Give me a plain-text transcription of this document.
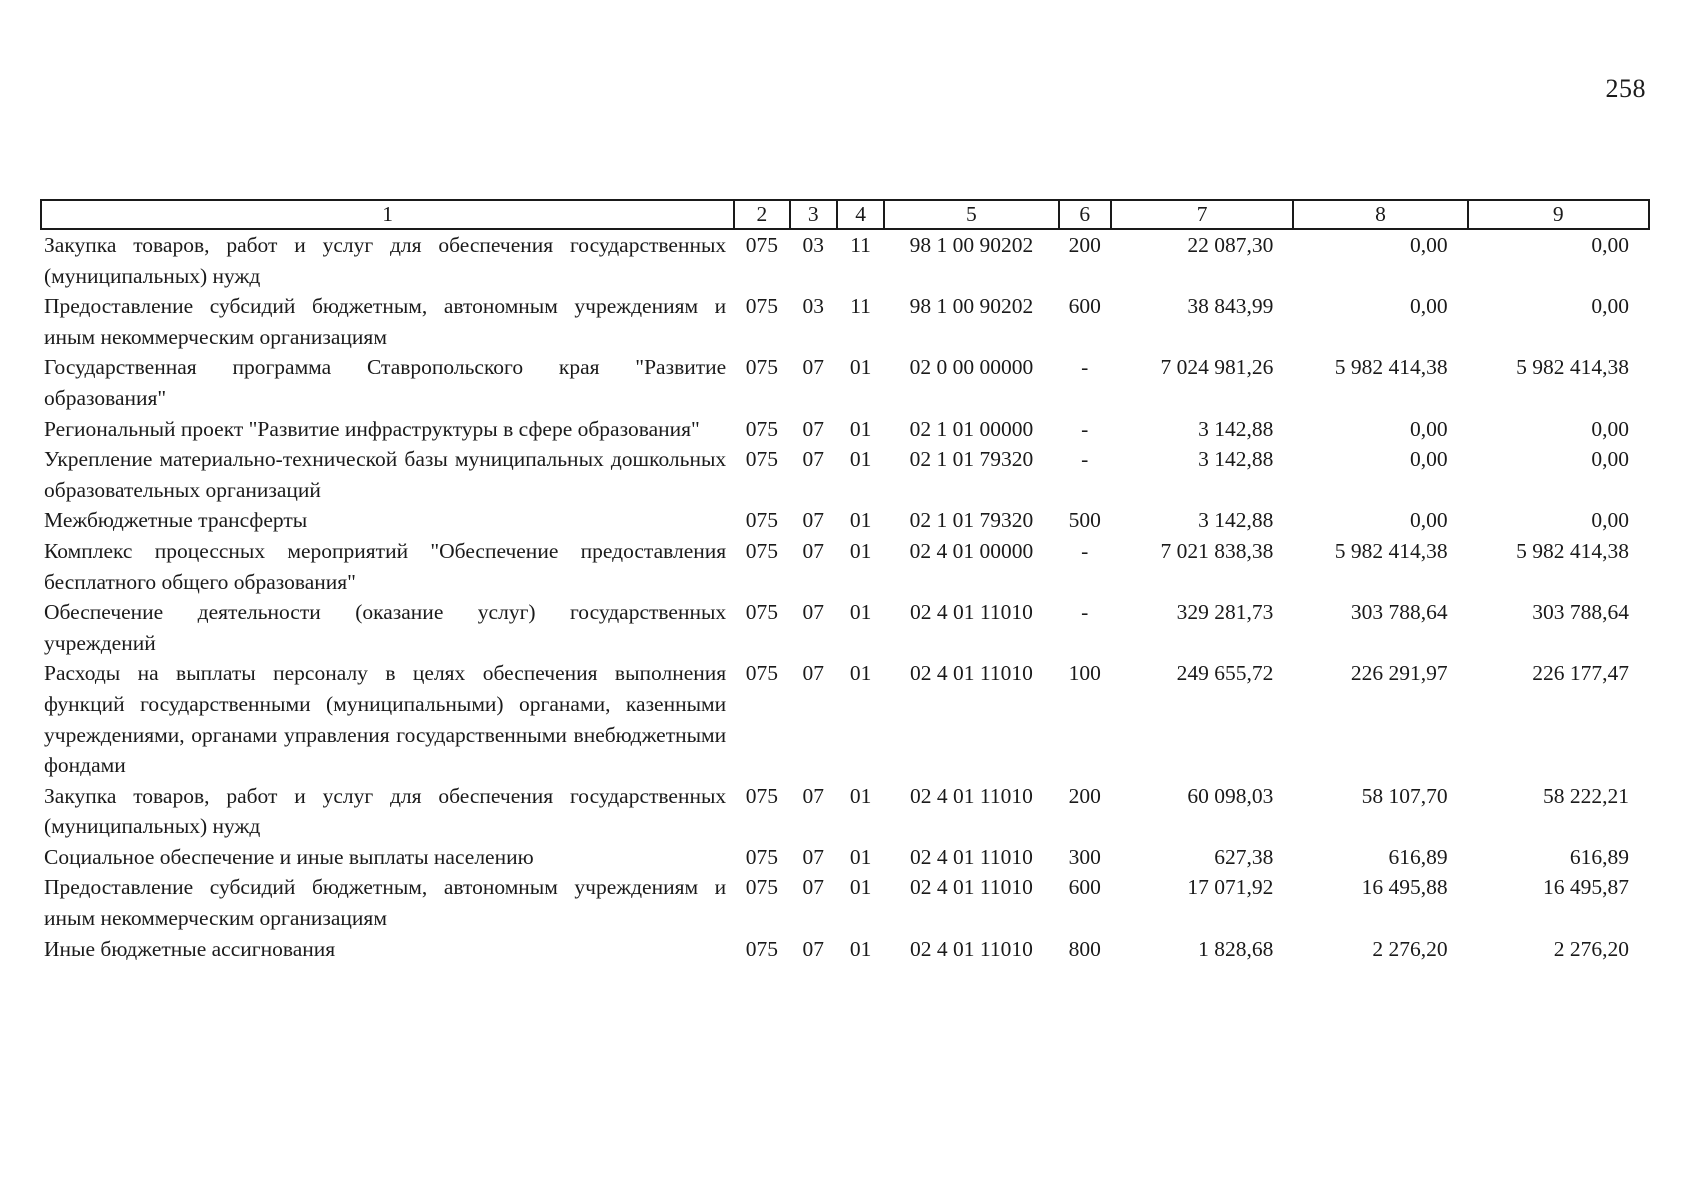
258
1	2	3	4	5	6	7	8	9
Закупка товаров, работ и услуг для обеспечения государственных (муниципальных) нужд	075	03	11	98 1 00 90202	200	22 087,30	0,00	0,00
Предоставление субсидий бюджетным, автономным учреждениям и иным некоммерческим организациям	075	03	11	98 1 00 90202	600	38 843,99	0,00	0,00
Государственная программа Ставропольского края "Развитие образования"	075	07	01	02 0 00 00000	-	7 024 981,26	5 982 414,38	5 982 414,38
Региональный проект "Развитие инфраструктуры в сфере образования"	075	07	01	02 1 01 00000	-	3 142,88	0,00	0,00
Укрепление материально-технической базы муниципальных дошкольных образовательных организаций	075	07	01	02 1 01 79320	-	3 142,88	0,00	0,00
Межбюджетные трансферты	075	07	01	02 1 01 79320	500	3 142,88	0,00	0,00
Комплекс процессных мероприятий "Обеспечение предоставления бесплатного общего образования"	075	07	01	02 4 01 00000	-	7 021 838,38	5 982 414,38	5 982 414,38
Обеспечение деятельности (оказание услуг) государственных учреждений	075	07	01	02 4 01 11010	-	329 281,73	303 788,64	303 788,64
Расходы на выплаты персоналу в целях обеспечения выполнения функций государственными (муниципальными) органами, казенными учреждениями, органами управления государственными внебюджетными фондами	075	07	01	02 4 01 11010	100	249 655,72	226 291,97	226 177,47
Закупка товаров, работ и услуг для обеспечения государственных (муниципальных) нужд	075	07	01	02 4 01 11010	200	60 098,03	58 107,70	58 222,21
Социальное обеспечение и иные выплаты населению	075	07	01	02 4 01 11010	300	627,38	616,89	616,89
Предоставление субсидий бюджетным, автономным учреждениям и иным некоммерческим организациям	075	07	01	02 4 01 11010	600	17 071,92	16 495,88	16 495,87
Иные бюджетные ассигнования	075	07	01	02 4 01 11010	800	1 828,68	2 276,20	2 276,20
